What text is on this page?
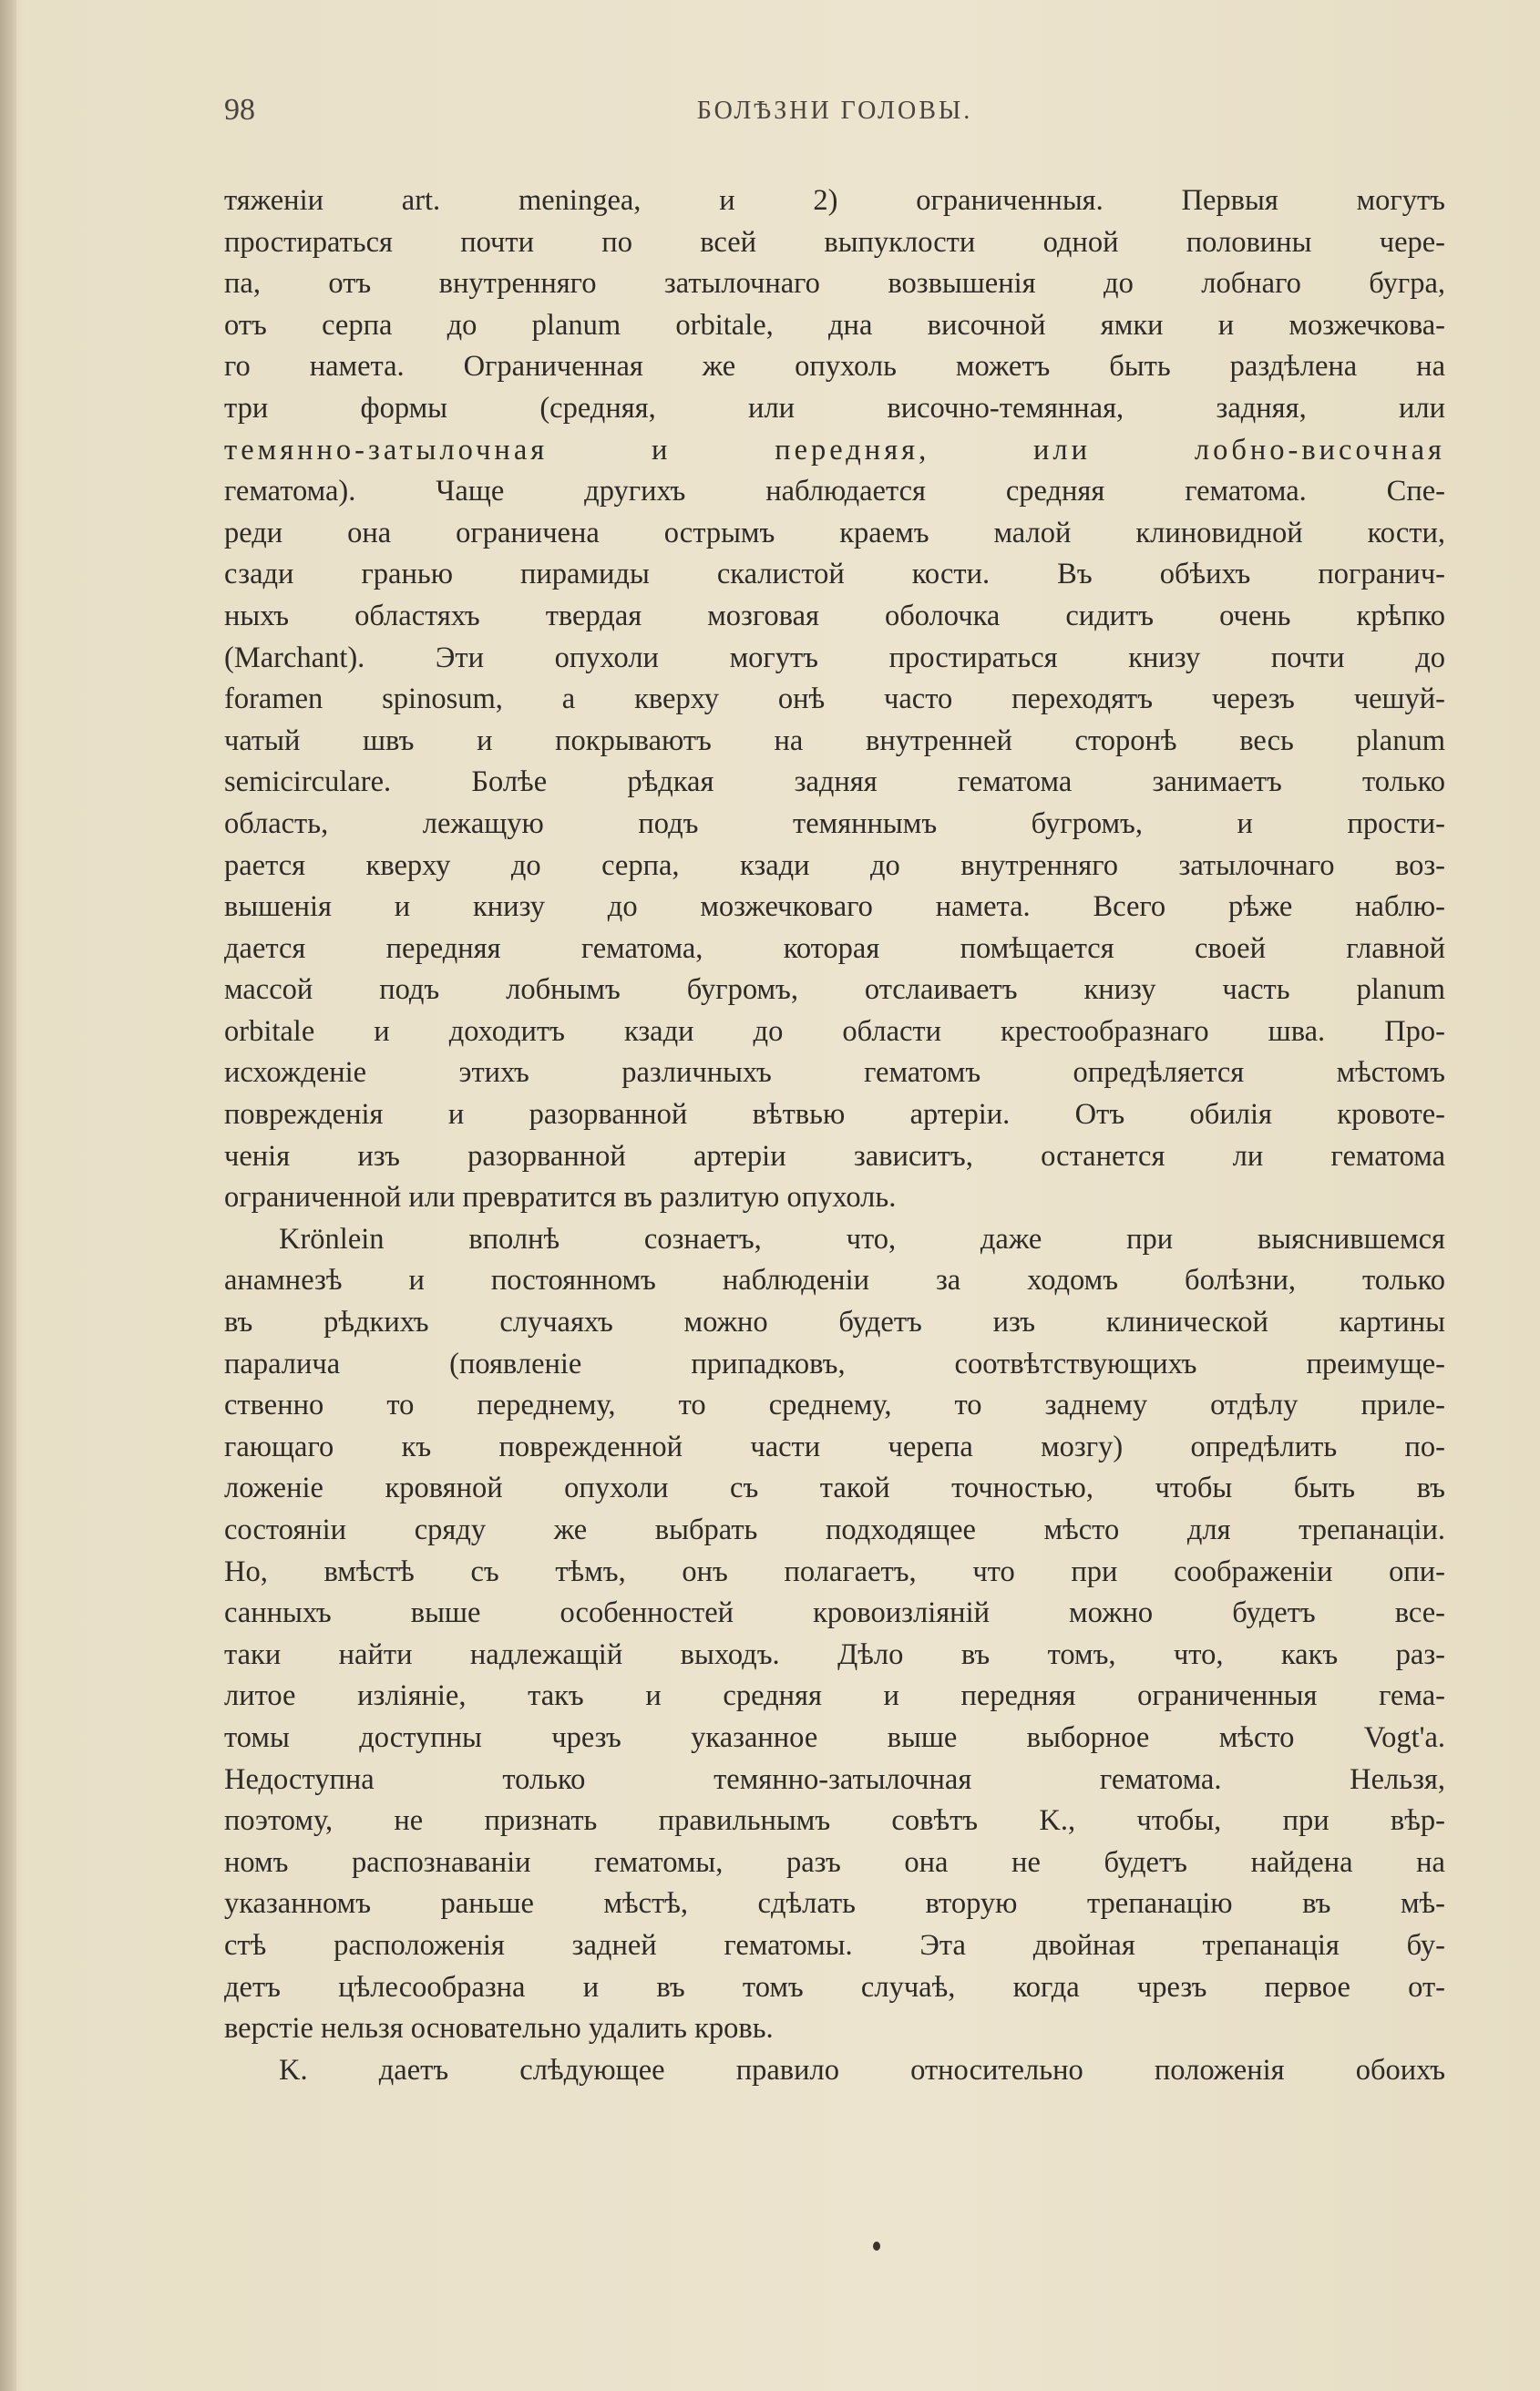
98	БОЛѢЗНИ ГОЛОВЫ.
тяженіи art. meningea, и 2) ограниченныя. Первыя могутъ
простираться почти по всей выпуклости одной половины чере-
па, отъ внутренняго затылочнаго возвышенія до лобнаго бугра,
отъ серпа до planum orbitale, дна височной ямки и мозжечкова-
го намета. Ограниченная же опухоль можетъ быть раздѣлена на
три формы (средняя, или височно-темянная, задняя, или
темянно-затылочная и передняя, или лобно-височная
гематома). Чаще другихъ наблюдается средняя гематома. Спе-
реди она ограничена острымъ краемъ малой клиновидной кости,
сзади гранью пирамиды скалистой кости. Въ обѣихъ погранич-
ныхъ областяхъ твердая мозговая оболочка сидитъ очень крѣпко
(Marchant). Эти опухоли могутъ простираться книзу почти до
foramen spinosum, а кверху онѣ часто переходятъ черезъ чешуй-
чатый швъ и покрываютъ на внутренней сторонѣ весь planum
semicirculare. Болѣе рѣдкая задняя гематома занимаетъ только
область, лежащую подъ темяннымъ бугромъ, и прости-
рается кверху до серпа, кзади до внутренняго затылочнаго воз-
вышенія и книзу до мозжечковаго намета. Всего рѣже наблю-
дается передняя гематома, которая помѣщается своей главной
массой подъ лобнымъ бугромъ, отслаиваетъ книзу часть planum
orbitale и доходитъ кзади до области крестообразнаго шва. Про-
исхожденіе этихъ различныхъ гематомъ опредѣляется мѣстомъ
поврежденія и разорванной вѣтвью артеріи. Отъ обилія кровоте-
ченія изъ разорванной артеріи зависитъ, останется ли гематома
ограниченной или превратится въ разлитую опухоль.
Krönlein вполнѣ сознаетъ, что, даже при выяснившемся
анамнезѣ и постоянномъ наблюденіи за ходомъ болѣзни, только
въ рѣдкихъ случаяхъ можно будетъ изъ клинической картины
паралича (появленіе припадковъ, соотвѣтствующихъ преимуще-
ственно то переднему, то среднему, то заднему отдѣлу приле-
гающаго къ поврежденной части черепа мозгу) опредѣлить по-
ложеніе кровяной опухоли съ такой точностью, чтобы быть въ
состояніи сряду же выбрать подходящее мѣсто для трепанаціи.
Но, вмѣстѣ съ тѣмъ, онъ полагаетъ, что при соображеніи опи-
санныхъ выше особенностей кровоизліяній можно будетъ все-
таки найти надлежащій выходъ. Дѣло въ томъ, что, какъ раз-
литое изліяніе, такъ и средняя и передняя ограниченныя гема-
томы доступны чрезъ указанное выше выборное мѣсто Vogt'a.
Недоступна только темянно-затылочная гематома. Нельзя,
поэтому, не признать правильнымъ совѣтъ K., чтобы, при вѣр-
номъ распознаваніи гематомы, разъ она не будетъ найдена на
указанномъ раньше мѣстѣ, сдѣлать вторую трепанацію въ мѣ-
стѣ расположенія задней гематомы. Эта двойная трепанація бу-
детъ цѣлесообразна и въ томъ случаѣ, когда чрезъ первое от-
верстіе нельзя основательно удалить кровь.
K. даетъ слѣдующее правило относительно положенія обоихъ
